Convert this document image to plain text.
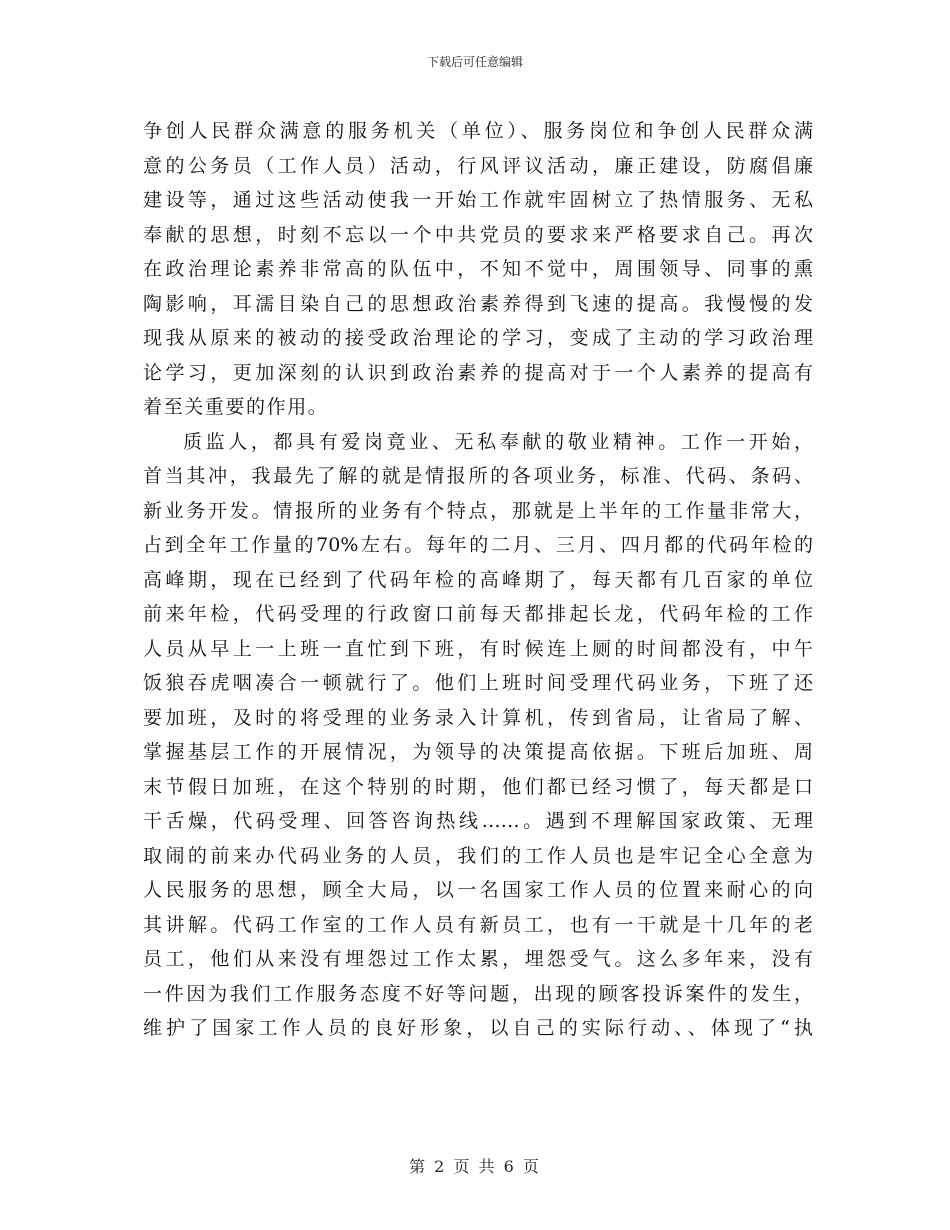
下载后可任意编辑
争创人民群众满意的服务机关（单位）、服务岗位和争创人民群众满
意的公务员（工作人员）活动，行风评议活动，廉正建设，防腐倡廉
建设等，通过这些活动使我一开始工作就牢固树立了热情服务、无私
奉献的思想，时刻不忘以一个中共党员的要求来严格要求自己。再次
在政治理论素养非常高的队伍中，不知不觉中，周围领导、同事的熏
陶影响，耳濡目染自己的思想政治素养得到飞速的提高。我慢慢的发
现我从原来的被动的接受政治理论的学习，变成了主动的学习政治理
论学习，更加深刻的认识到政治素养的提高对于一个人素养的提高有
着至关重要的作用。
质监人，都具有爱岗竟业、无私奉献的敬业精神。工作一开始，
首当其冲，我最先了解的就是情报所的各项业务，标准、代码、条码、
新业务开发。情报所的业务有个特点，那就是上半年的工作量非常大，
占到全年工作量的70%左右。每年的二月、三月、四月都的代码年检的
高峰期，现在已经到了代码年检的高峰期了，每天都有几百家的单位
前来年检，代码受理的行政窗口前每天都排起长龙，代码年检的工作
人员从早上一上班一直忙到下班，有时候连上厕的时间都没有，中午
饭狼吞虎咽凑合一顿就行了。他们上班时间受理代码业务，下班了还
要加班，及时的将受理的业务录入计算机，传到省局，让省局了解、
掌握基层工作的开展情况，为领导的决策提高依据。下班后加班、周
末节假日加班，在这个特别的时期，他们都已经习惯了，每天都是口
干舌燥，代码受理、回答咨询热线……。遇到不理解国家政策、无理
取闹的前来办代码业务的人员，我们的工作人员也是牢记全心全意为
人民服务的思想，顾全大局，以一名国家工作人员的位置来耐心的向
其讲解。代码工作室的工作人员有新员工，也有一干就是十几年的老
员工，他们从来没有埋怨过工作太累，埋怨受气。这么多年来，没有
一件因为我们工作服务态度不好等问题，出现的顾客投诉案件的发生，
维护了国家工作人员的良好形象，以自己的实际行动、、体现了“执
第 2 页 共 6 页
